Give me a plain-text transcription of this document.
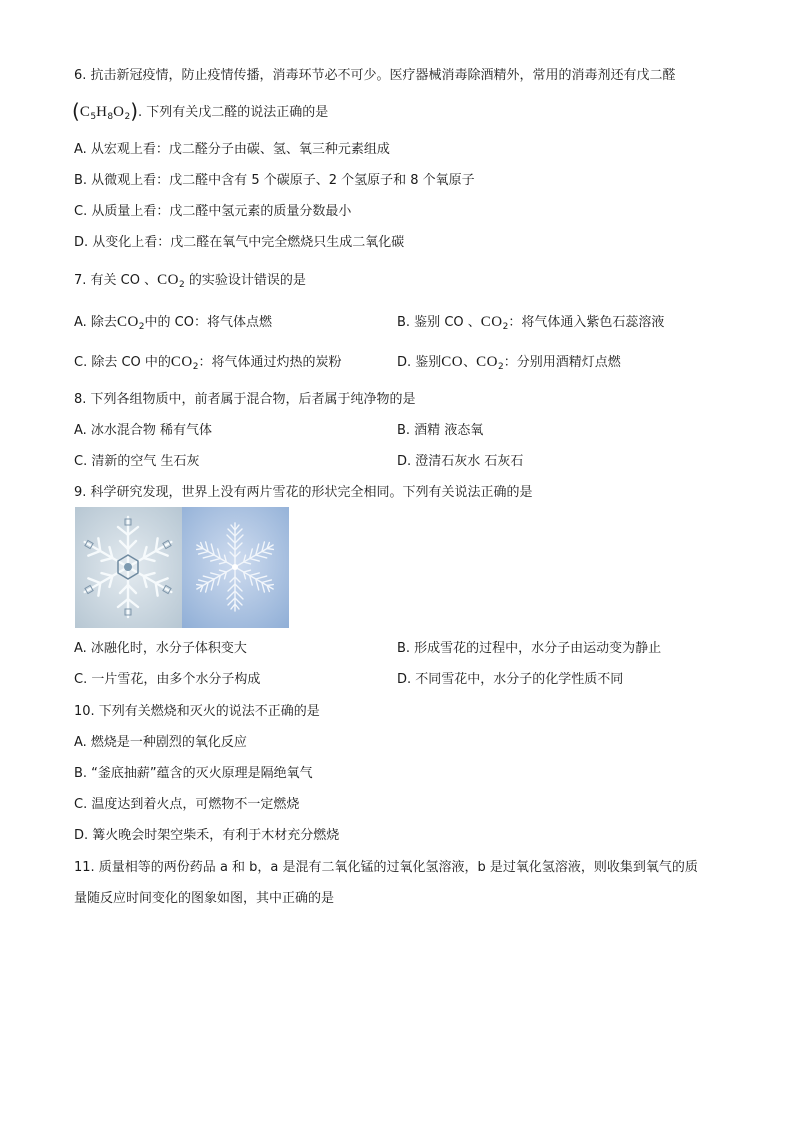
6. 抗击新冠疫情，防止疫情传播，消毒环节必不可少。医疗器械消毒除酒精外，常用的消毒剂还有戊二醛
$(C_5H_8O_2)$. 下列有关戊二醛的说法正确的是
A. 从宏观上看：戊二醛分子由碳、氢、氧三种元素组成
B. 从微观上看：戊二醛中含有 5 个碳原子、2 个氢原子和 8 个氧原子
C. 从质量上看：戊二醛中氢元素的质量分数最小
D. 从变化上看：戊二醛在氧气中完全燃烧只生成二氧化碳
7. 有关 CO 、$CO_2$ 的实验设计错误的是
A. 除去$CO_2$中的 CO：将气体点燃	B. 鉴别 CO 、$CO_2$：将气体通入紫色石蕊溶液
C. 除去 CO 中的$CO_2$：将气体通过灼热的炭粉	D. 鉴别CO、$CO_2$：分别用酒精灯点燃
8. 下列各组物质中，前者属于混合物，后者属于纯净物的是
A. 冰水混合物 稀有气体	B. 酒精 液态氧
C. 清新的空气 生石灰	D. 澄清石灰水 石灰石
9. 科学研究发现，世界上没有两片雪花的形状完全相同。下列有关说法正确的是
A. 冰融化时，水分子体积变大	B. 形成雪花的过程中，水分子由运动变为静止
C. 一片雪花，由多个水分子构成	D. 不同雪花中，水分子的化学性质不同
10. 下列有关燃烧和灭火的说法不正确的是
A. 燃烧是一种剧烈的氧化反应
B. “釜底抽薪”蕴含的灭火原理是隔绝氧气
C. 温度达到着火点，可燃物不一定燃烧
D. 篝火晚会时架空柴禾，有利于木材充分燃烧
11. 质量相等的两份药品 a 和 b，a 是混有二氧化锰的过氧化氢溶液，b 是过氧化氢溶液，则收集到氧气的质
量随反应时间变化的图象如图，其中正确的是
